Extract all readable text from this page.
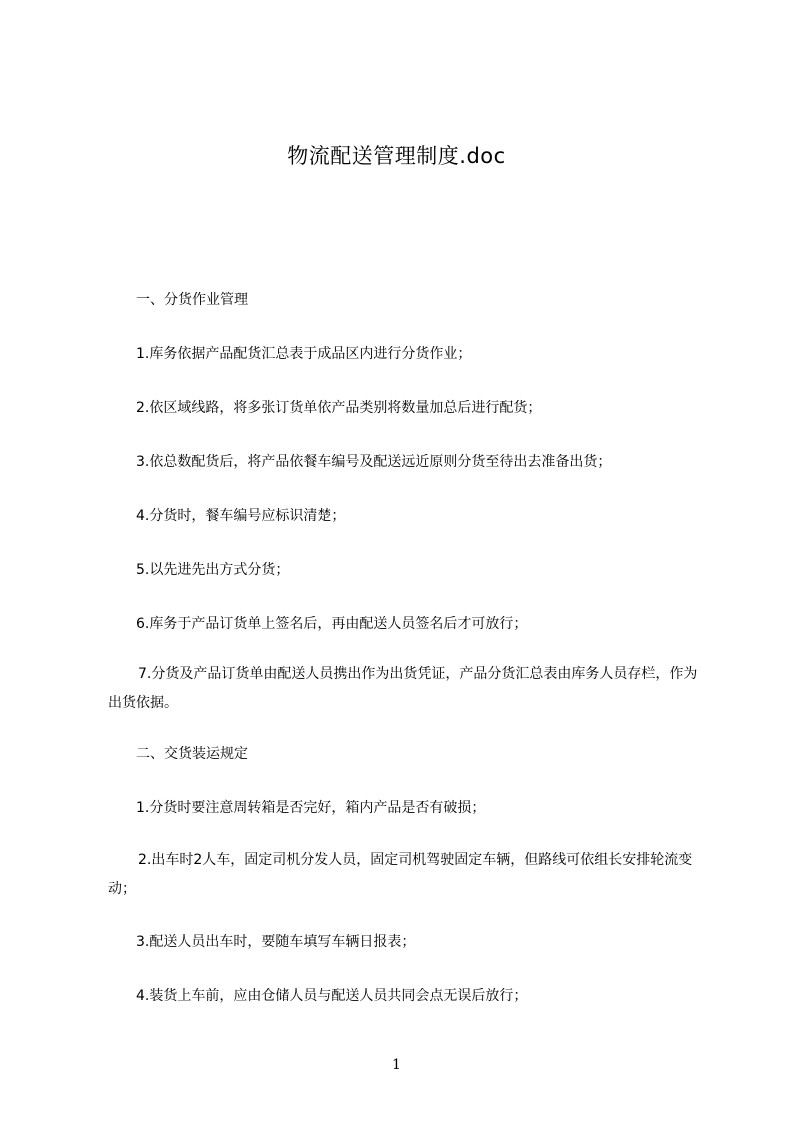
物流配送管理制度.doc

一、分货作业管理

1.库务依据产品配货汇总表于成品区内进行分货作业；

2.依区域线路，将多张订货单依产品类别将数量加总后进行配货；

3.依总数配货后，将产品依餐车编号及配送远近原则分货至待出去准备出货；

4.分货时，餐车编号应标识清楚；

5.以先进先出方式分货；

6.库务于产品订货单上签名后，再由配送人员签名后才可放行；

7.分货及产品订货单由配送人员携出作为出货凭证，产品分货汇总表由库务人员存栏，作为出货依据。

二、交货装运规定

1.分货时要注意周转箱是否完好，箱内产品是否有破损；

2.出车时2人车，固定司机分发人员，固定司机驾驶固定车辆，但路线可依组长安排轮流变动；

3.配送人员出车时，要随车填写车辆日报表；

4.装货上车前，应由仓储人员与配送人员共同会点无误后放行；

1
